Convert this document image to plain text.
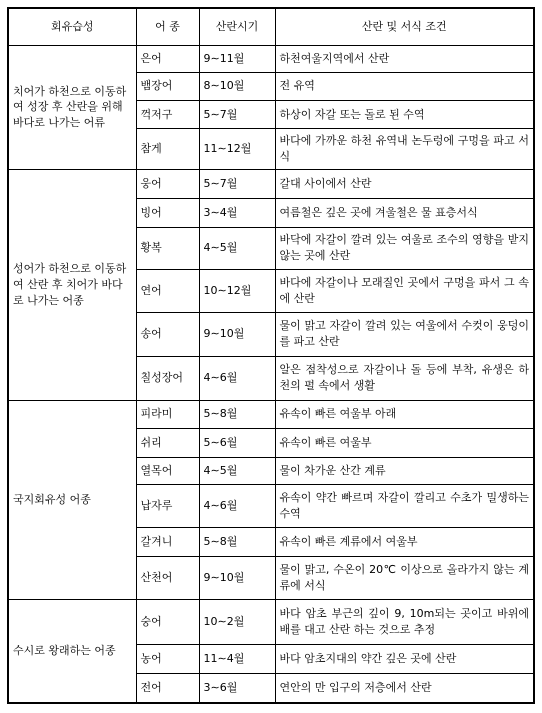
회유습성	어 종	산란시기	산란 및 서식 조건
치어가 하천으로 이동하여 성장 후 산란을 위해 바다로 나가는 어류	은어	9∼11월	하천여울지역에서 산란
	뱀장어	8∼10월	전 유역
	꺽저구	5∼7월	하상이 자갈 또는 돌로 된 수역
	참게	11∼12월	바다에 가까운 하천 유역내 논두렁에 구멍을 파고 서식
성어가 하천으로 이동하여 산란 후 치어가 바다로 나가는 어종	웅어	5∼7월	갈대 사이에서 산란
	빙어	3∼4월	여름철은 깊은 곳에 겨울철은 물 표층서식
	황복	4∼5월	바닥에 자갈이 깔려 있는 여울로 조수의 영향을 받지 않는 곳에 산란
	연어	10∼12월	바다에 자갈이나 모래질인 곳에서 구멍을 파서 그 속에 산란
	송어	9∼10월	물이 맑고 자갈이 깔려 있는 여울에서 수컷이 웅덩이를 파고 산란
	칠성장어	4∼6월	알은 점착성으로 자갈이나 돌 등에 부착, 유생은 하천의 펄 속에서 생활
국지회유성 어종	피라미	5∼8월	유속이 빠른 여울부 아래
	쉬리	5∼6월	유속이 빠른 여울부
	열목어	4∼5월	물이 차가운 산간 계류
	납자루	4∼6월	유속이 약간 빠르며 자갈이 깔리고 수초가 밀생하는 수역
	갈겨니	5∼8월	유속이 빠른 계류에서 여울부
	산천어	9∼10월	물이 맑고, 수온이 20℃ 이상으로 올라가지 않는 계류에 서식
수시로 왕래하는 어종	숭어	10∼2월	바다 암초 부근의 깊이 9, 10m되는 곳이고 바위에 배를 대고 산란 하는 것으로 추정
	농어	11∼4월	바다 암초지대의 약간 깊은 곳에 산란
	전어	3∼6월	연안의 만 입구의 저층에서 산란
